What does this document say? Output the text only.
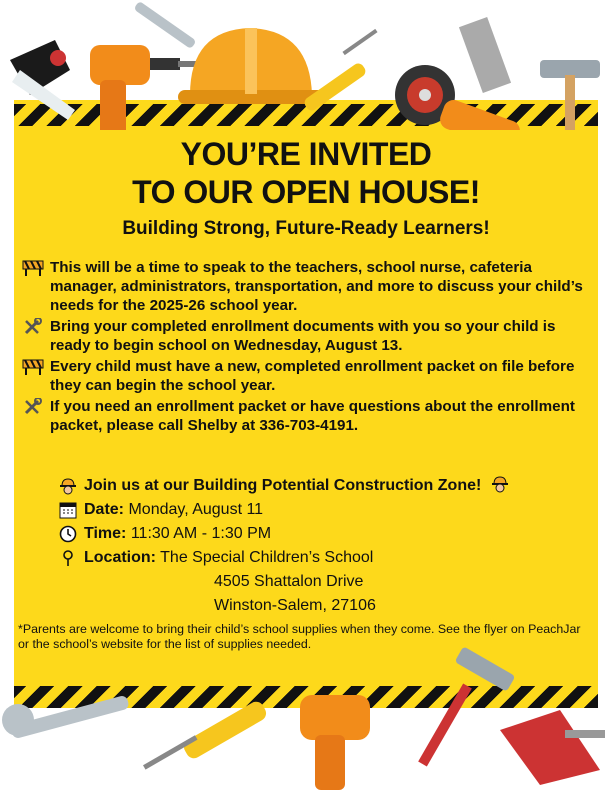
YOU’RE INVITED
TO OUR OPEN HOUSE!
Building Strong, Future-Ready Learners!
This will be a time to speak to the teachers, school nurse, cafeteria manager, administrators, transportation, and more to discuss your child’s needs for the 2025-26 school year.
Bring your completed enrollment documents with you so your child is ready to begin school on Wednesday, August 13.
Every child must have a new, completed enrollment packet on file before they can begin the school year.
If you need an enrollment packet or have questions about the enrollment packet, please call Shelby at 336-703-4191.
Join us at our Building Potential Construction Zone!
Date: Monday, August 11
Time: 11:30 AM - 1:30 PM
Location: The Special Children’s School
4505 Shattalon Drive
Winston-Salem, 27106
*Parents are welcome to bring their child’s school supplies when they come. See the flyer on PeachJar or the school’s website for the list of supplies needed.
